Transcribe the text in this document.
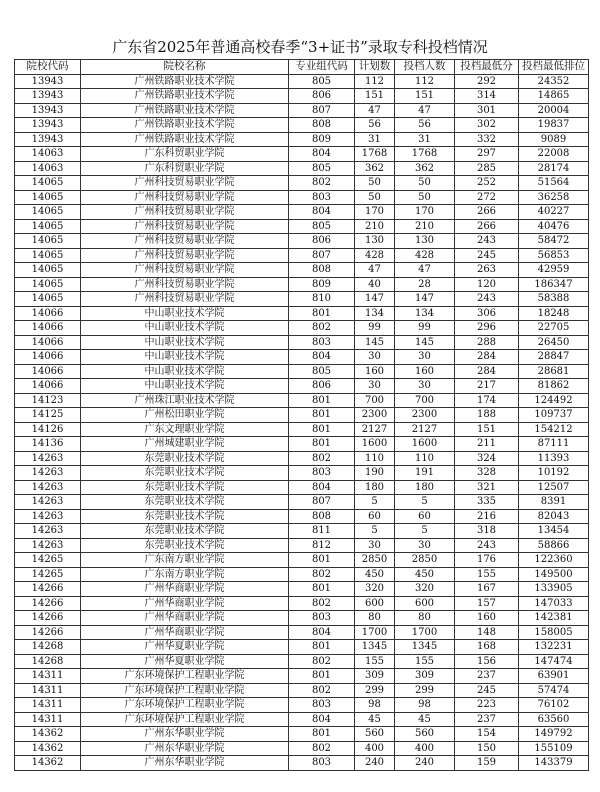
广东省2025年普通高校春季“3+证书”录取专科投档情况
院校代码	院校名称	专业组代码	计划数	投档人数	投档最低分	投档最低排位
13943	广州铁路职业技术学院	805	112	112	292	24352
13943	广州铁路职业技术学院	806	151	151	314	14865
13943	广州铁路职业技术学院	807	47	47	301	20004
13943	广州铁路职业技术学院	808	56	56	302	19837
13943	广州铁路职业技术学院	809	31	31	332	9089
14063	广东科贸职业学院	804	1768	1768	297	22008
14063	广东科贸职业学院	805	362	362	285	28174
14065	广州科技贸易职业学院	802	50	50	252	51564
14065	广州科技贸易职业学院	803	50	50	272	36258
14065	广州科技贸易职业学院	804	170	170	266	40227
14065	广州科技贸易职业学院	805	210	210	266	40476
14065	广州科技贸易职业学院	806	130	130	243	58472
14065	广州科技贸易职业学院	807	428	428	245	56853
14065	广州科技贸易职业学院	808	47	47	263	42959
14065	广州科技贸易职业学院	809	40	28	120	186347
14065	广州科技贸易职业学院	810	147	147	243	58388
14066	中山职业技术学院	801	134	134	306	18248
14066	中山职业技术学院	802	99	99	296	22705
14066	中山职业技术学院	803	145	145	288	26450
14066	中山职业技术学院	804	30	30	284	28847
14066	中山职业技术学院	805	160	160	284	28681
14066	中山职业技术学院	806	30	30	217	81862
14123	广州珠江职业技术学院	801	700	700	174	124492
14125	广州松田职业学院	801	2300	2300	188	109737
14126	广东文理职业学院	801	2127	2127	151	154212
14136	广州城建职业学院	801	1600	1600	211	87111
14263	东莞职业技术学院	802	110	110	324	11393
14263	东莞职业技术学院	803	190	191	328	10192
14263	东莞职业技术学院	804	180	180	321	12507
14263	东莞职业技术学院	807	5	5	335	8391
14263	东莞职业技术学院	808	60	60	216	82043
14263	东莞职业技术学院	811	5	5	318	13454
14263	东莞职业技术学院	812	30	30	243	58866
14265	广东南方职业学院	801	2850	2850	176	122360
14265	广东南方职业学院	802	450	450	155	149500
14266	广州华商职业学院	801	320	320	167	133905
14266	广州华商职业学院	802	600	600	157	147033
14266	广州华商职业学院	803	80	80	160	142381
14266	广州华商职业学院	804	1700	1700	148	158005
14268	广州华夏职业学院	801	1345	1345	168	132231
14268	广州华夏职业学院	802	155	155	156	147474
14311	广东环境保护工程职业学院	801	309	309	237	63901
14311	广东环境保护工程职业学院	802	299	299	245	57474
14311	广东环境保护工程职业学院	803	98	98	223	76102
14311	广东环境保护工程职业学院	804	45	45	237	63560
14362	广州东华职业学院	801	560	560	154	149792
14362	广州东华职业学院	802	400	400	150	155109
14362	广州东华职业学院	803	240	240	159	143379
